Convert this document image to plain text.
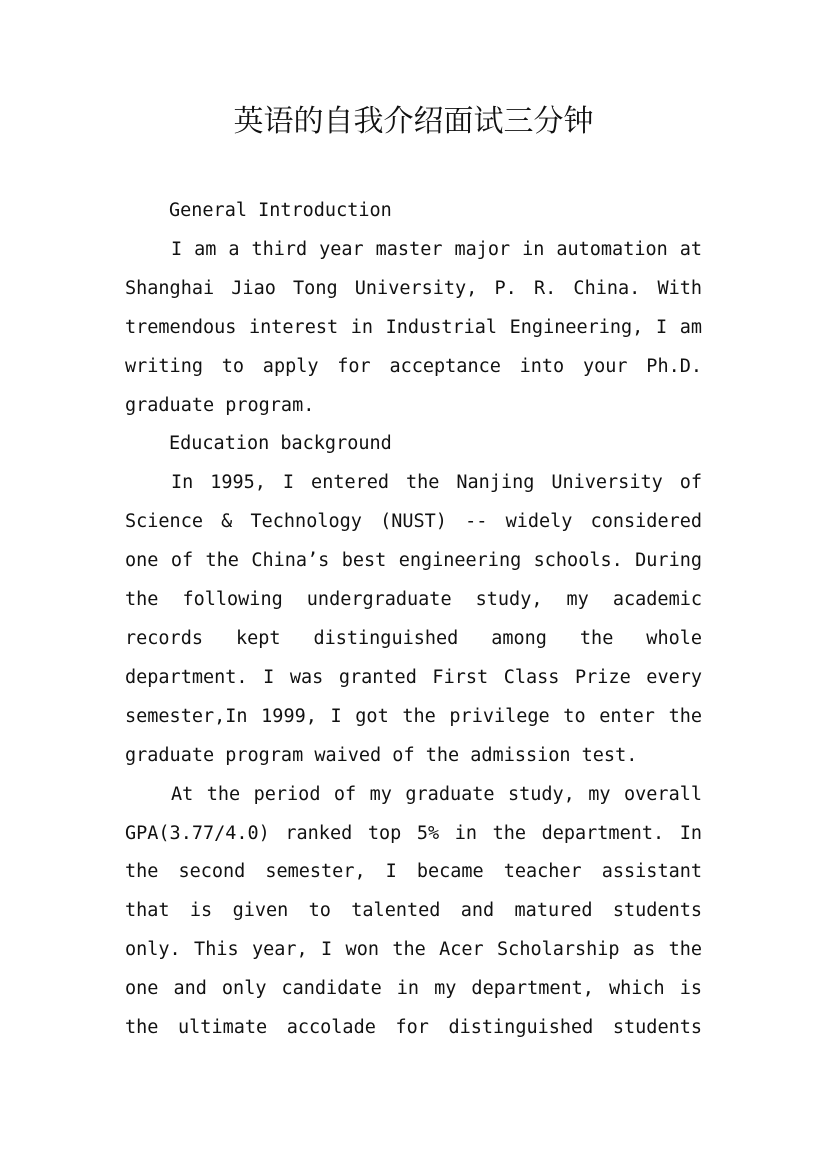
英语的自我介绍面试三分钟

General Introduction

I am a third year master major in automation at Shanghai Jiao Tong University, P. R. China. With tremendous interest in Industrial Engineering, I am writing to apply for acceptance into your Ph.D. graduate program.

Education background

In 1995, I entered the Nanjing University of Science & Technology (NUST) -- widely considered one of the China’s best engineering schools. During the following undergraduate study, my academic records kept distinguished among the whole department. I was granted First Class Prize every semester,In 1999, I got the privilege to enter the graduate program waived of the admission test.

At the period of my graduate study, my overall GPA(3.77/4.0) ranked top 5% in the department. In the second semester, I became teacher assistant that is given to talented and matured students only. This year, I won the Acer Scholarship as the one and only candidate in my department, which is the ultimate accolade for distinguished students
